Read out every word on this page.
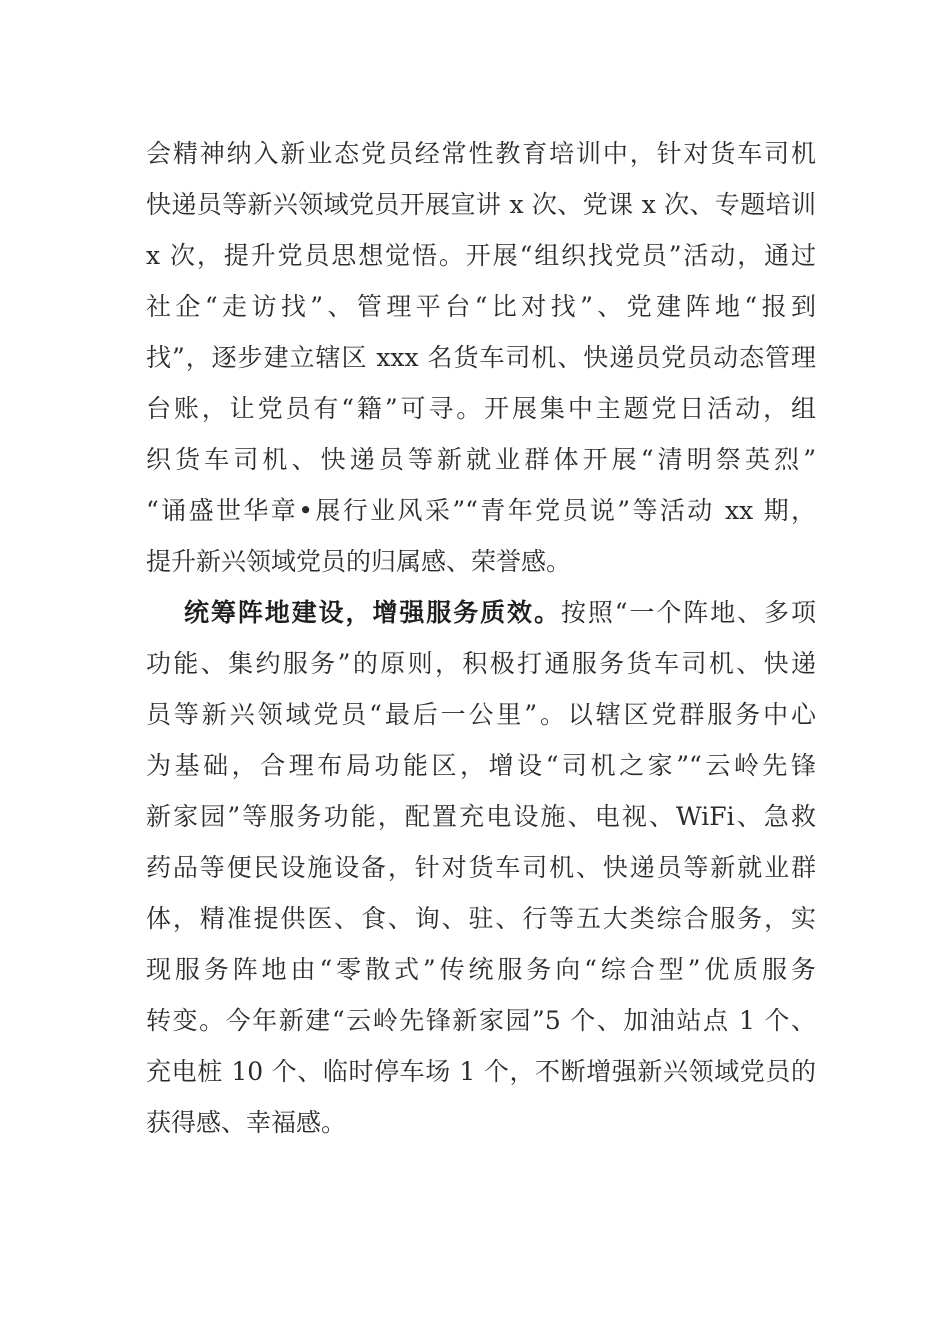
会精神纳入新业态党员经常性教育培训中，针对货车司机
快递员等新兴领域党员开展宣讲 x 次、党课 x 次、专题培训
x 次，提升党员思想觉悟。开展“组织找党员”活动，通过
社企“走访找”、管理平台“比对找”、党建阵地“报到
找”，逐步建立辖区 xxx 名货车司机、快递员党员动态管理
台账，让党员有“籍”可寻。开展集中主题党日活动，组
织货车司机、快递员等新就业群体开展“清明祭英烈”
“诵盛世华章•展行业风采”“青年党员说”等活动 xx 期，
提升新兴领域党员的归属感、荣誉感。
统筹阵地建设，增强服务质效。按照“一个阵地、多项
功能、集约服务”的原则，积极打通服务货车司机、快递
员等新兴领域党员“最后一公里”。以辖区党群服务中心
为基础，合理布局功能区，增设“司机之家”“云岭先锋
新家园”等服务功能，配置充电设施、电视、WiFi、急救
药品等便民设施设备，针对货车司机、快递员等新就业群
体，精准提供医、食、询、驻、行等五大类综合服务，实
现服务阵地由“零散式”传统服务向“综合型”优质服务
转变。今年新建“云岭先锋新家园”5 个、加油站点 1 个、
充电桩 10 个、临时停车场 1 个，不断增强新兴领域党员的
获得感、幸福感。
